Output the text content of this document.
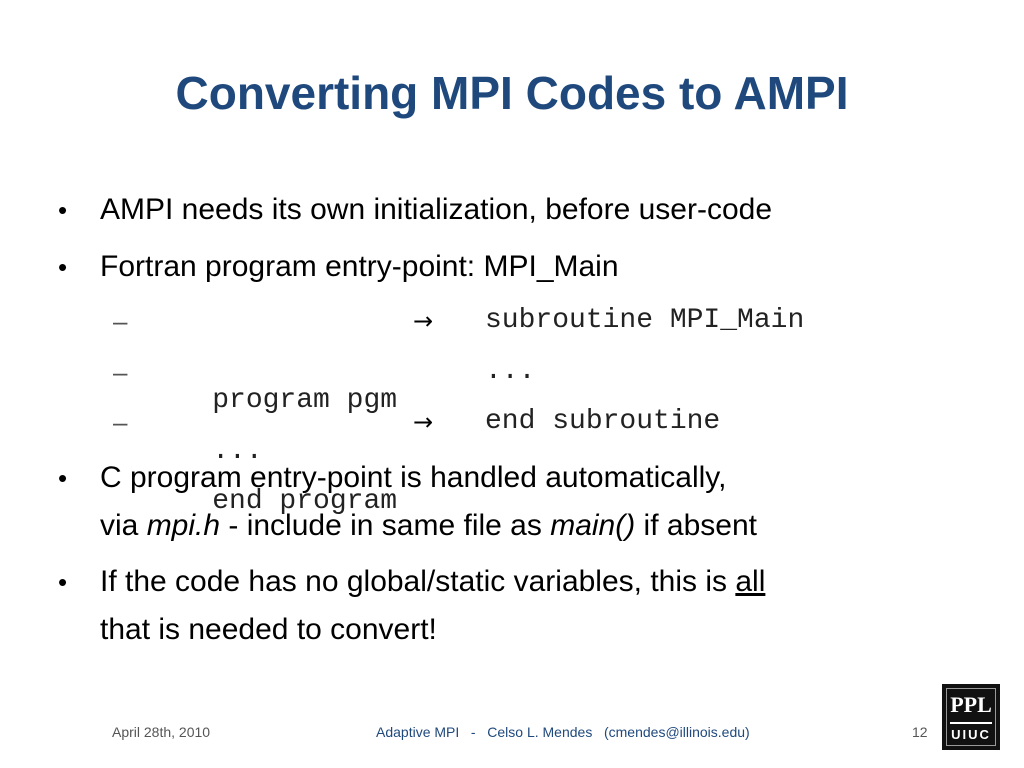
Converting MPI Codes to AMPI
• AMPI needs its own initialization, before user-code
• Fortran program entry-point: MPI_Main

–

program pgm

→

subroutine MPI_Main

–

...

...

–

end program

→

end subroutine

• C program entry-point is handled automatically,
via mpi.h - include in same file as main() if absent
• If the code has no global/static variables, this is all
that is needed to convert!
April 28th, 2010	Adaptive MPI   -   Celso L. Mendes   (cmendes@illinois.edu)	12
PPL
UIUC
